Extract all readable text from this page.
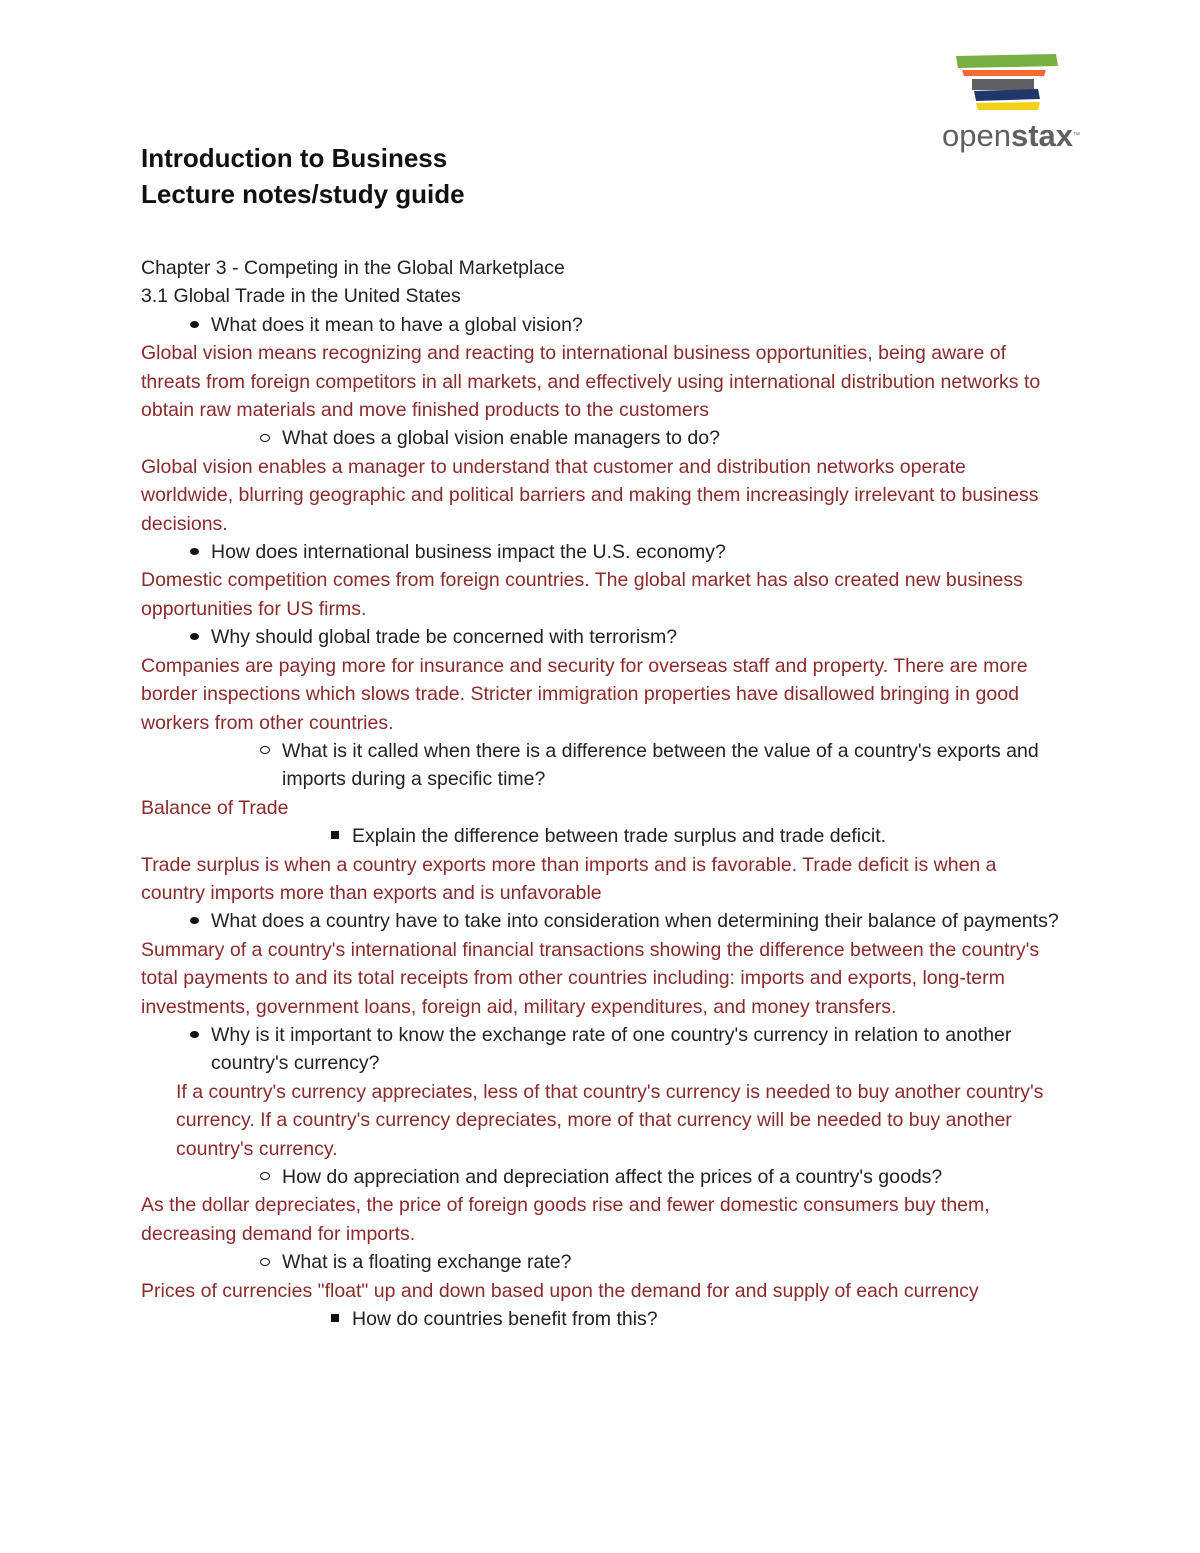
openstax™

Introduction to Business

Lecture notes/study guide

Chapter 3 - Competing in the Global Marketplace

3.1 Global Trade in the United States

What does it mean to have a global vision?

Global vision means recognizing and reacting to international business opportunities, being aware of threats from foreign competitors in all markets, and effectively using international distribution networks to obtain raw materials and move finished products to the customers

What does a global vision enable managers to do?

Global vision enables a manager to understand that customer and distribution networks operate worldwide, blurring geographic and political barriers and making them increasingly irrelevant to business decisions.

How does international business impact the U.S. economy?

Domestic competition comes from foreign countries. The global market has also created new business opportunities for US firms.

Why should global trade be concerned with terrorism?

Companies are paying more for insurance and security for overseas staff and property. There are more border inspections which slows trade. Stricter immigration properties have disallowed bringing in good workers from other countries.

What is it called when there is a difference between the value of a country's exports and imports during a specific time?

Balance of Trade

Explain the difference between trade surplus and trade deficit.

Trade surplus is when a country exports more than imports and is favorable. Trade deficit is when a country imports more than exports and is unfavorable

What does a country have to take into consideration when determining their balance of payments?

Summary of a country's international financial transactions showing the difference between the country's total payments to and its total receipts from other countries including: imports and exports, long-term investments, government loans, foreign aid, military expenditures, and money transfers.

Why is it important to know the exchange rate of one country's currency in relation to another country's currency?

If a country's currency appreciates, less of that country's currency is needed to buy another country's currency. If a country's currency depreciates, more of that currency will be needed to buy another country's currency.

How do appreciation and depreciation affect the prices of a country's goods?

As the dollar depreciates, the price of foreign goods rise and fewer domestic consumers buy them, decreasing demand for imports.

What is a floating exchange rate?

Prices of currencies "float" up and down based upon the demand for and supply of each currency

How do countries benefit from this?
